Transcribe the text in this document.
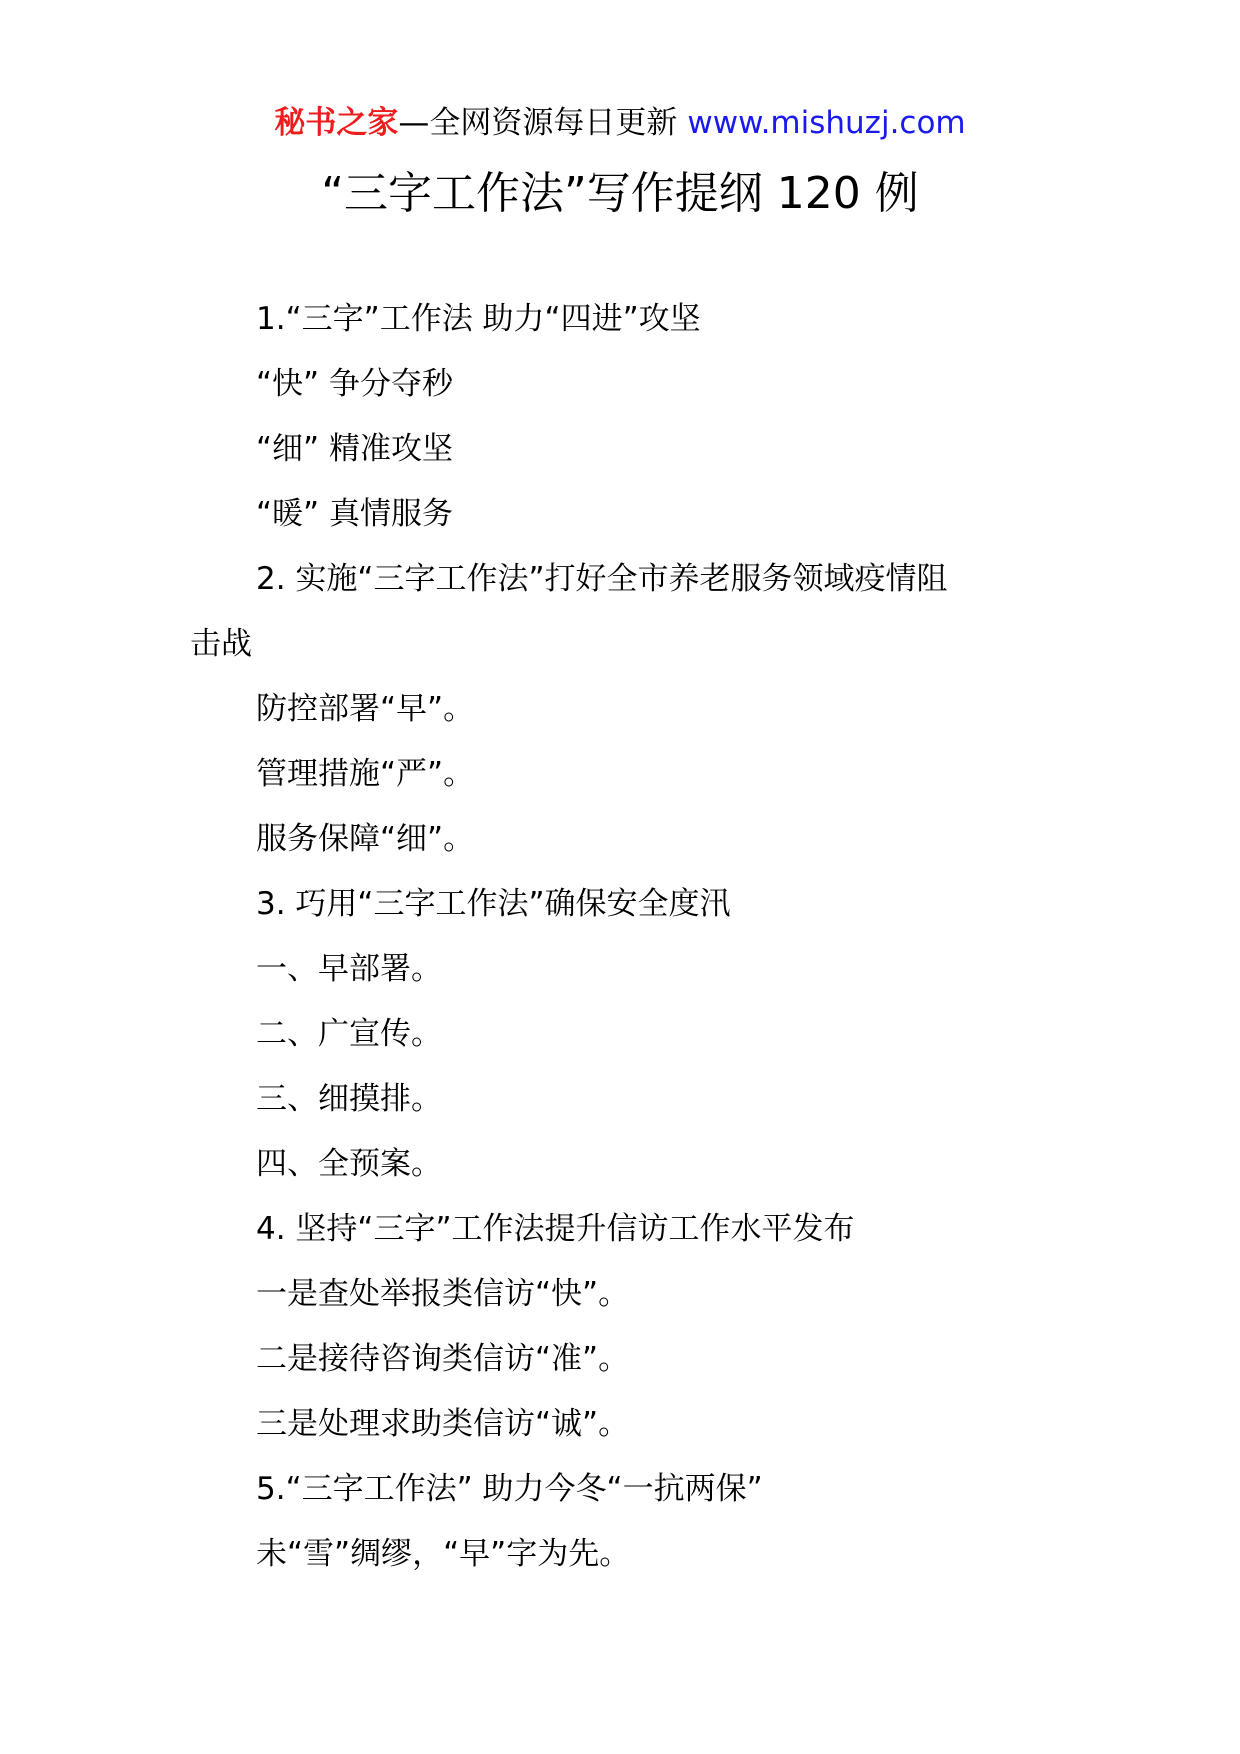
秘书之家—全网资源每日更新 www.mishuzj.com
“三字工作法”写作提纲 120 例

1.“三字”工作法 助力“四进”攻坚

“快” 争分夺秒

“细” 精准攻坚

“暖” 真情服务

2. 实施“三字工作法”打好全市养老服务领域疫情阻

击战

防控部署“早”。

管理措施“严”。

服务保障“细”。

3. 巧用“三字工作法”确保安全度汛

一、早部署。

二、广宣传。

三、细摸排。

四、全预案。

4. 坚持“三字”工作法提升信访工作水平发布

一是查处举报类信访“快”。

二是接待咨询类信访“准”。

三是处理求助类信访“诚”。

5.“三字工作法” 助力今冬“一抗两保”

未“雪”绸缪，“早”字为先。
